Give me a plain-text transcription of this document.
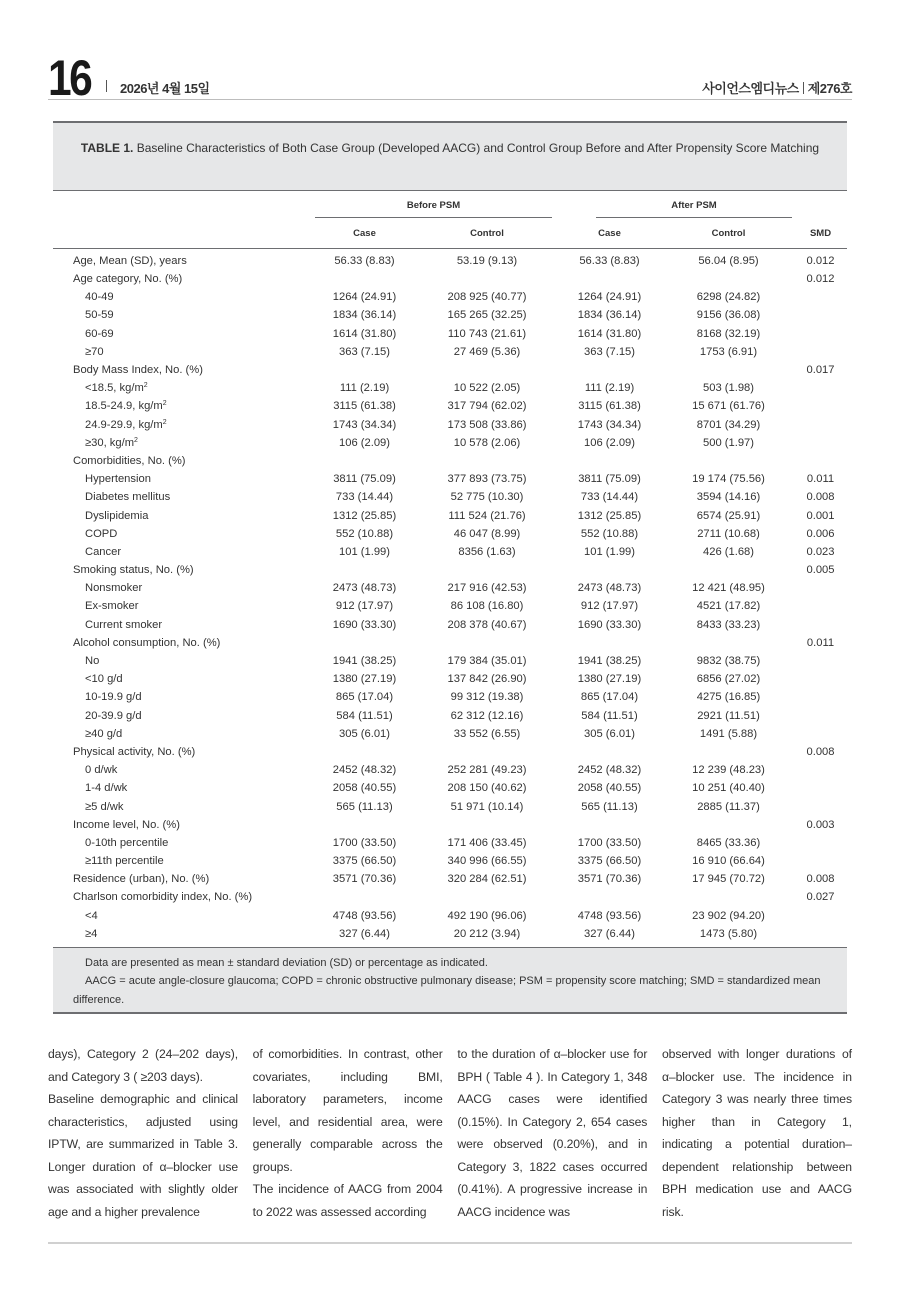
16 2026년 4월 15일	사이언스엠디뉴스 제276호
TABLE 1. Baseline Characteristics of Both Case Group (Developed AACG) and Control Group Before and After Propensity Score Matching

	Before PSM		After PSM		

	Case	Control	Case	Control	SMD
Age, Mean (SD), years	56.33 (8.83)	53.19 (9.13)	56.33 (8.83)	56.04 (8.95)	0.012
Age category, No. (%)					0.012
40-49	1264 (24.91)	208 925 (40.77)	1264 (24.91)	6298 (24.82)	
50-59	1834 (36.14)	165 265 (32.25)	1834 (36.14)	9156 (36.08)	
60-69	1614 (31.80)	110 743 (21.61)	1614 (31.80)	8168 (32.19)	
≥70	363 (7.15)	27 469 (5.36)	363 (7.15)	1753 (6.91)	
Body Mass Index, No. (%)					0.017
<18.5, $kg/m^2$	111 (2.19)	10 522 (2.05)	111 (2.19)	503 (1.98)	
18.5-24.9, $kg/m^2$	3115 (61.38)	317 794 (62.02)	3115 (61.38)	15 671 (61.76)	
24.9-29.9, $kg/m^2$	1743 (34.34)	173 508 (33.86)	1743 (34.34)	8701 (34.29)	
≥30, $kg/m^2$	106 (2.09)	10 578 (2.06)	106 (2.09)	500 (1.97)	
Comorbidities, No. (%)					
Hypertension	3811 (75.09)	377 893 (73.75)	3811 (75.09)	19 174 (75.56)	0.011
Diabetes mellitus	733 (14.44)	52 775 (10.30)	733 (14.44)	3594 (14.16)	0.008
Dyslipidemia	1312 (25.85)	111 524 (21.76)	1312 (25.85)	6574 (25.91)	0.001
COPD	552 (10.88)	46 047 (8.99)	552 (10.88)	2711 (10.68)	0.006
Cancer	101 (1.99)	8356 (1.63)	101 (1.99)	426 (1.68)	0.023
Smoking status, No. (%)					0.005
Nonsmoker	2473 (48.73)	217 916 (42.53)	2473 (48.73)	12 421 (48.95)	
Ex-smoker	912 (17.97)	86 108 (16.80)	912 (17.97)	4521 (17.82)	
Current smoker	1690 (33.30)	208 378 (40.67)	1690 (33.30)	8433 (33.23)	
Alcohol consumption, No. (%)					0.011
No	1941 (38.25)	179 384 (35.01)	1941 (38.25)	9832 (38.75)	
<10 g/d	1380 (27.19)	137 842 (26.90)	1380 (27.19)	6856 (27.02)	
10-19.9 g/d	865 (17.04)	99 312 (19.38)	865 (17.04)	4275 (16.85)	
20-39.9 g/d	584 (11.51)	62 312 (12.16)	584 (11.51)	2921 (11.51)	
≥40 g/d	305 (6.01)	33 552 (6.55)	305 (6.01)	1491 (5.88)	
Physical activity, No. (%)					0.008
0 d/wk	2452 (48.32)	252 281 (49.23)	2452 (48.32)	12 239 (48.23)	
1-4 d/wk	2058 (40.55)	208 150 (40.62)	2058 (40.55)	10 251 (40.40)	
≥5 d/wk	565 (11.13)	51 971 (10.14)	565 (11.13)	2885 (11.37)	
Income level, No. (%)					0.003
0-10th percentile	1700 (33.50)	171 406 (33.45)	1700 (33.50)	8465 (33.36)	
≥11th percentile	3375 (66.50)	340 996 (66.55)	3375 (66.50)	16 910 (66.64)	
Residence (urban), No. (%)	3571 (70.36)	320 284 (62.51)	3571 (70.36)	17 945 (70.72)	0.008
Charlson comorbidity index, No. (%)					0.027
<4	4748 (93.56)	492 190 (96.06)	4748 (93.56)	23 902 (94.20)	
≥4	327 (6.44)	20 212 (3.94)	327 (6.44)	1473 (5.80)	

Data are presented as mean ± standard deviation (SD) or percentage as indicated.

AACG = acute angle-closure glaucoma; COPD = chronic obstructive pulmonary disease; PSM = propensity score matching; SMD = standardized mean difference.

days), Category 2 (24–202 days), and Category 3 ( ≥203 days).
Baseline demographic and clinical characteristics, adjusted using IPTW, are summarized in Table 3. Longer duration of α–blocker use was associated with slightly older age and a higher prevalence
of comorbidities. In contrast, other covariates, including BMI, laboratory parameters, income level, and residential area, were generally comparable across the groups.
The incidence of AACG from 2004 to 2022 was assessed according
to the duration of α–blocker use for BPH ( Table 4 ). In Category 1, 348 AACG cases were identified (0.15%). In Category 2, 654 cases were observed (0.20%), and in Category 3, 1822 cases occurred (0.41%). A progressive increase in AACG incidence was
observed with longer durations of α–blocker use. The incidence in Category 3 was nearly three times higher than in Category 1, indicating a potential duration–dependent relationship between BPH medication use and AACG risk.
